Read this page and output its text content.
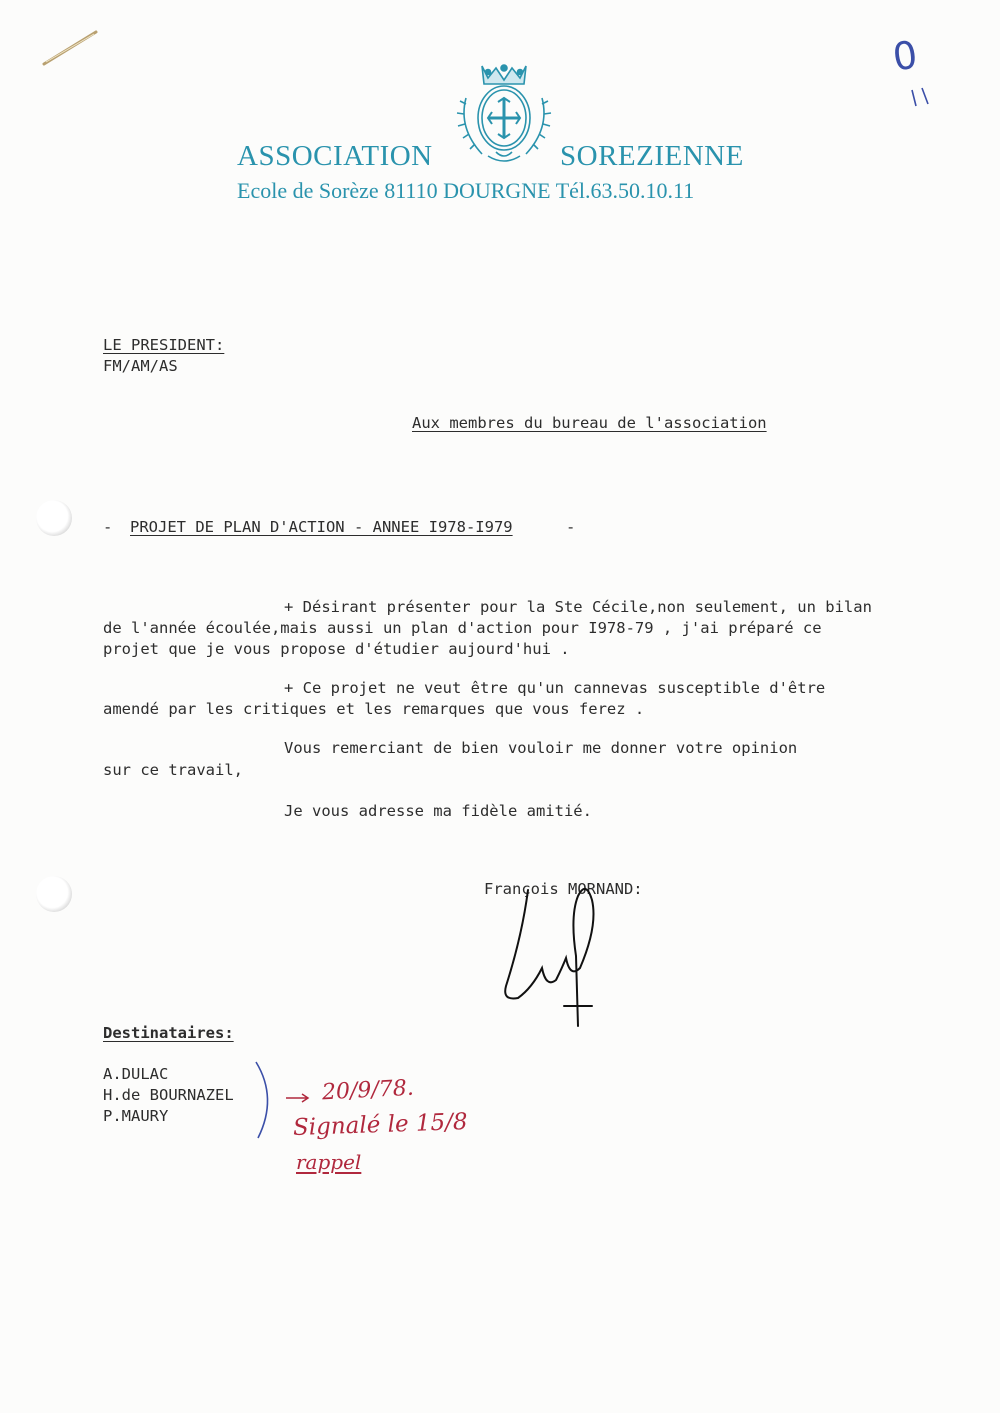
0
ASSOCIATION	SOREZIENNE
Ecole de Sorèze 81110 DOURGNE Tél.63.50.10.11
LE PRESIDENT:
FM/AM/AS
Aux membres du bureau de l'association
- PROJET DE PLAN D'ACTION - ANNEE I978-I979	-
+ Désirant présenter pour la Ste Cécile,non seulement, un bilan
de l'année écoulée,mais aussi un plan d'action pour I978-79 , j'ai préparé ce
projet que je vous propose d'étudier aujourd'hui .
+ Ce projet ne veut être qu'un cannevas susceptible d'être
amendé par les critiques et les remarques que vous ferez .
Vous remerciant de bien vouloir me donner votre opinion
sur ce travail,
Je vous adresse ma fidèle amitié.
François MORNAND:
Destinataires:
A.DULAC
H.de BOURNAZEL
P.MAURY
20/9/78.
Signalé le 15/8
rappel
